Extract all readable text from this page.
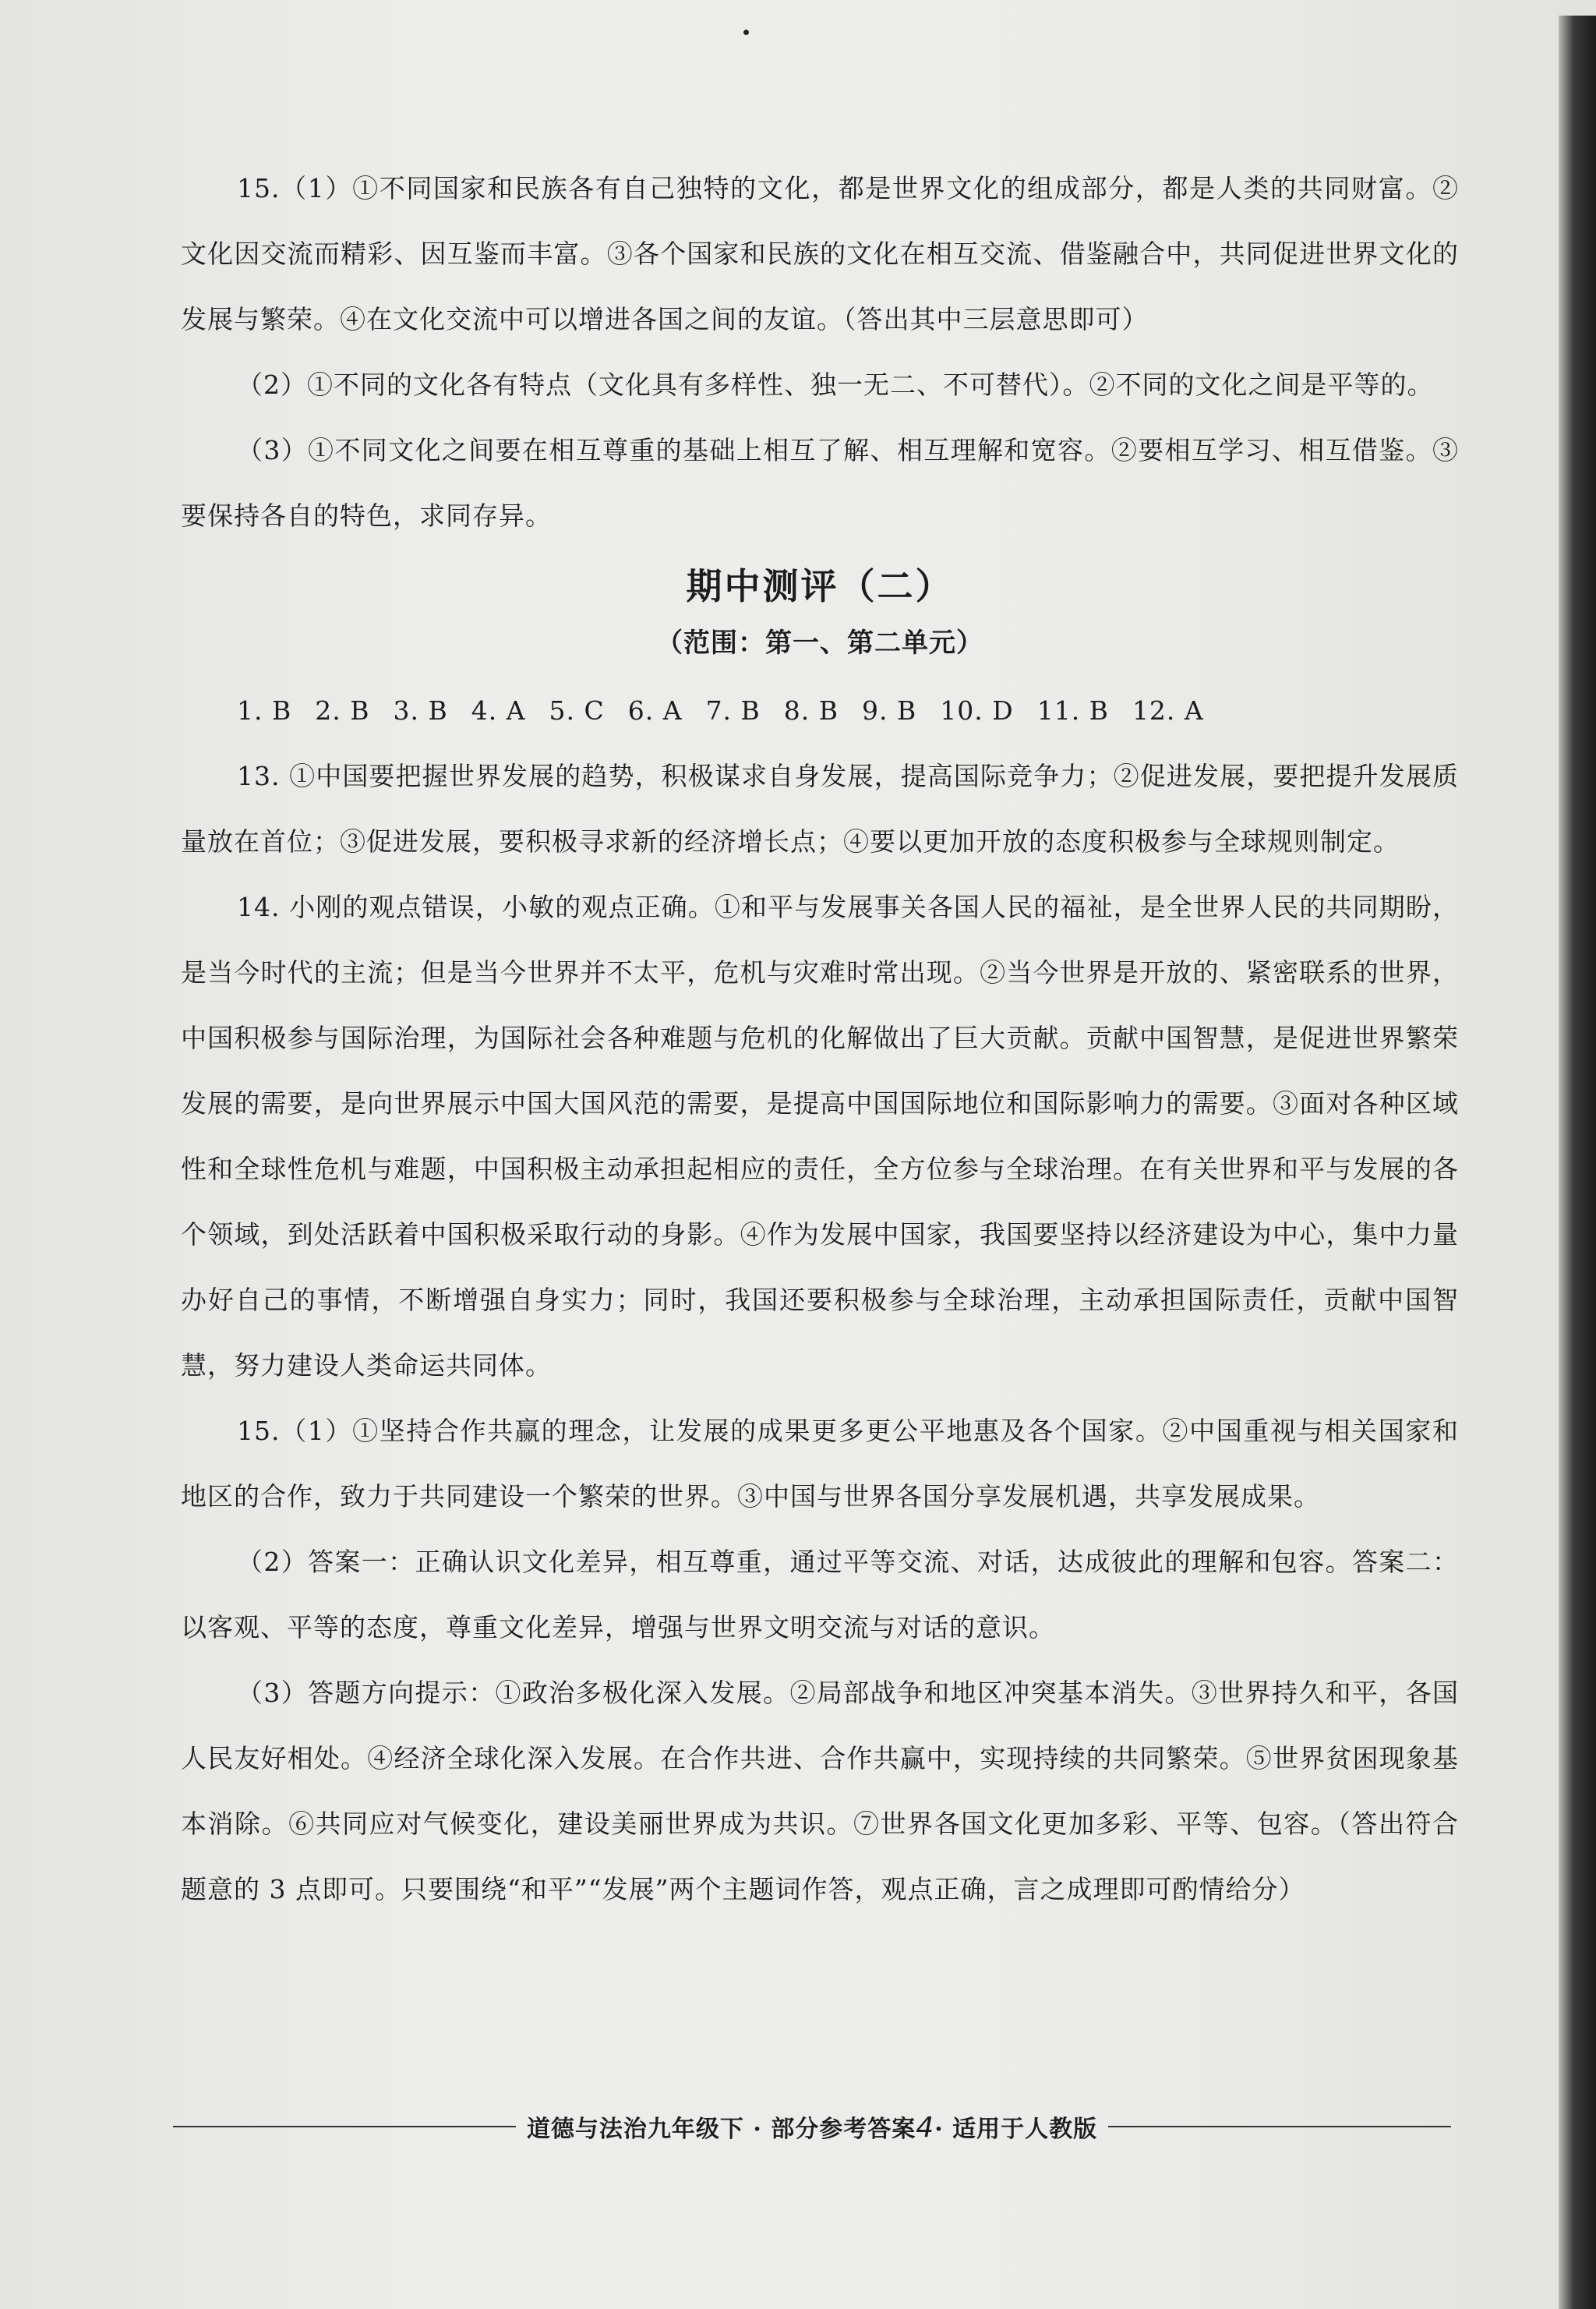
15.（1）①不同国家和民族各有自己独特的文化，都是世界文化的组成部分，都是人类的共同财富。②文化因交流而精彩、因互鉴而丰富。③各个国家和民族的文化在相互交流、借鉴融合中，共同促进世界文化的发展与繁荣。④在文化交流中可以增进各国之间的友谊。（答出其中三层意思即可）

（2）①不同的文化各有特点（文化具有多样性、独一无二、不可替代）。②不同的文化之间是平等的。

（3）①不同文化之间要在相互尊重的基础上相互了解、相互理解和宽容。②要相互学习、相互借鉴。③要保持各自的特色，求同存异。

期中测评（二）
（范围：第一、第二单元）
1. B 2. B 3. B 4. A 5. C 6. A 7. B 8. B 9. B 10. D 11. B 12. A

13. ①中国要把握世界发展的趋势，积极谋求自身发展，提高国际竞争力；②促进发展，要把提升发展质量放在首位；③促进发展，要积极寻求新的经济增长点；④要以更加开放的态度积极参与全球规则制定。

14. 小刚的观点错误，小敏的观点正确。①和平与发展事关各国人民的福祉，是全世界人民的共同期盼，是当今时代的主流；但是当今世界并不太平，危机与灾难时常出现。②当今世界是开放的、紧密联系的世界，中国积极参与国际治理，为国际社会各种难题与危机的化解做出了巨大贡献。贡献中国智慧，是促进世界繁荣发展的需要，是向世界展示中国大国风范的需要，是提高中国国际地位和国际影响力的需要。③面对各种区域性和全球性危机与难题，中国积极主动承担起相应的责任，全方位参与全球治理。在有关世界和平与发展的各个领域，到处活跃着中国积极采取行动的身影。④作为发展中国家，我国要坚持以经济建设为中心，集中力量办好自己的事情，不断增强自身实力；同时，我国还要积极参与全球治理，主动承担国际责任，贡献中国智慧，努力建设人类命运共同体。

15.（1）①坚持合作共赢的理念，让发展的成果更多更公平地惠及各个国家。②中国重视与相关国家和地区的合作，致力于共同建设一个繁荣的世界。③中国与世界各国分享发展机遇，共享发展成果。

（2）答案一：正确认识文化差异，相互尊重，通过平等交流、对话，达成彼此的理解和包容。答案二：以客观、平等的态度，尊重文化差异，增强与世界文明交流与对话的意识。

（3）答题方向提示：①政治多极化深入发展。②局部战争和地区冲突基本消失。③世界持久和平，各国人民友好相处。④经济全球化深入发展。在合作共进、合作共赢中，实现持续的共同繁荣。⑤世界贫困现象基本消除。⑥共同应对气候变化，建设美丽世界成为共识。⑦世界各国文化更加多彩、平等、包容。（答出符合题意的 3 点即可。只要围绕“和平”“发展”两个主题词作答，观点正确，言之成理即可酌情给分）

道德与法治九年级下 · 部分参考答案4· 适用于人教版
